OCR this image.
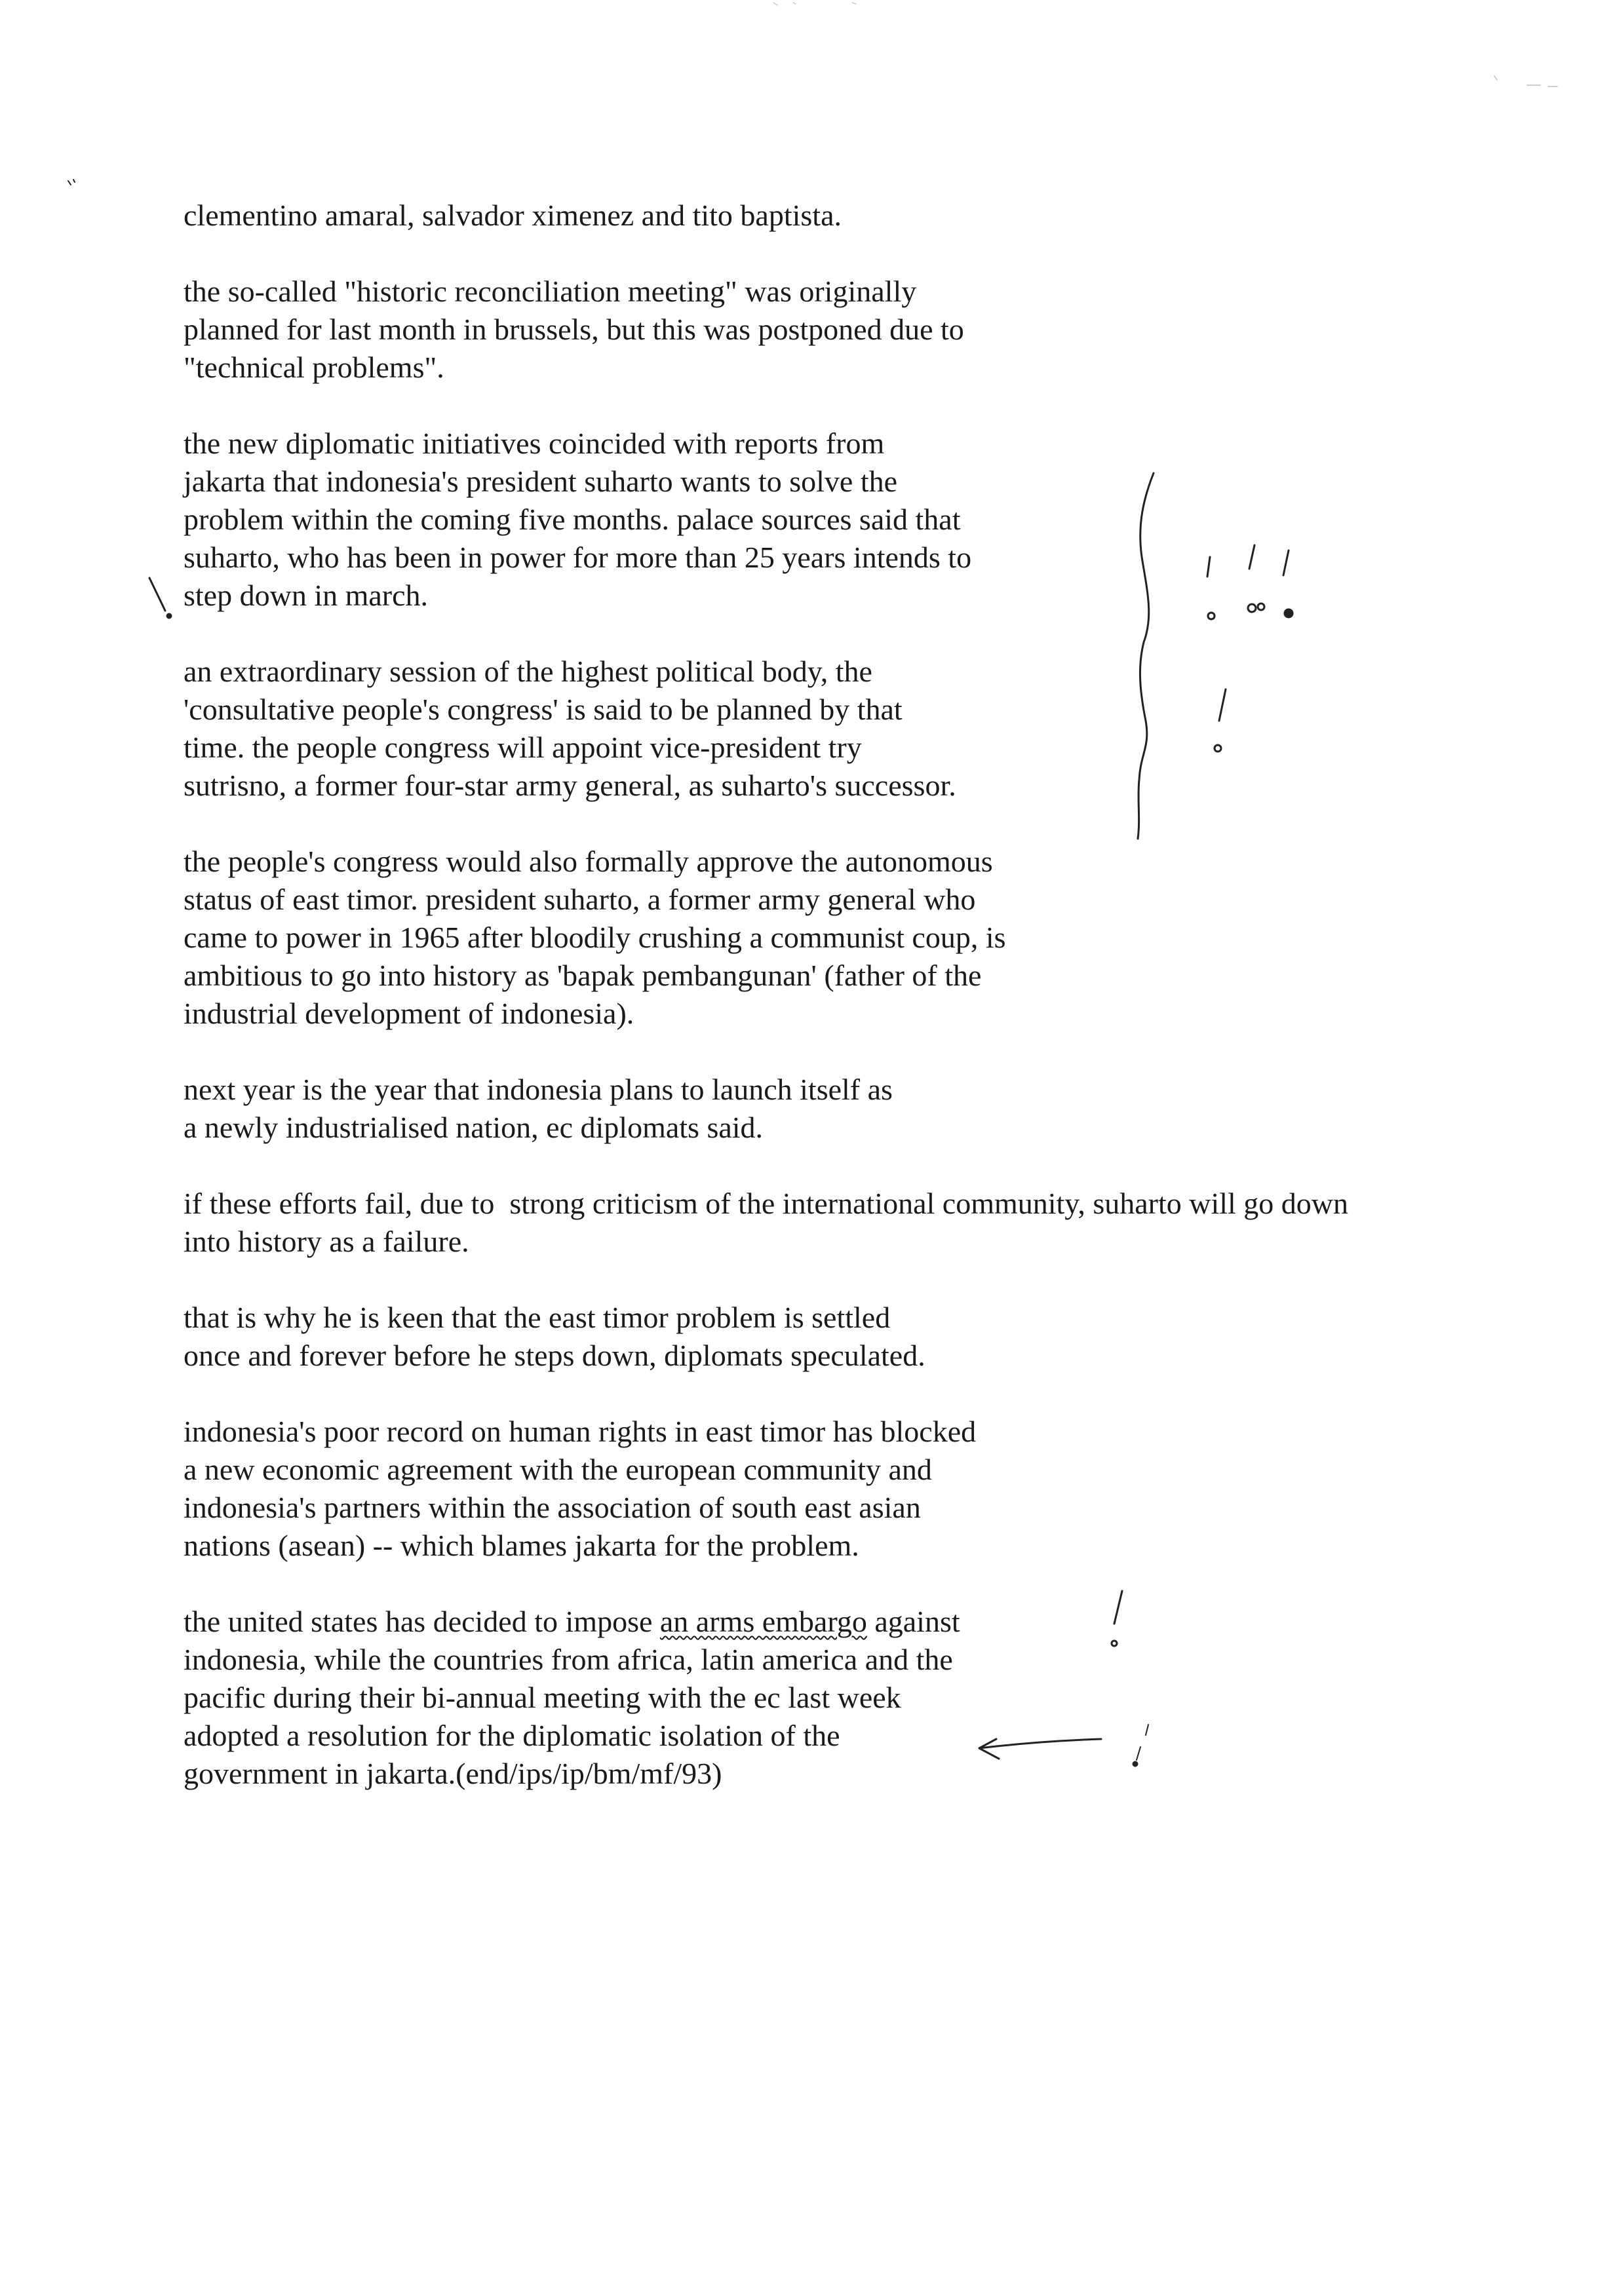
clementino amaral, salvador ximenez and tito baptista.

the so-called "historic reconciliation meeting" was originally
planned for last month in brussels, but this was postponed due to
"technical problems".

the new diplomatic initiatives coincided with reports from
jakarta that indonesia's president suharto wants to solve the
problem within the coming five months. palace sources said that
suharto, who has been in power for more than 25 years intends to
step down in march.

an extraordinary session of the highest political body, the
'consultative people's congress' is said to be planned by that
time. the people congress will appoint vice-president try
sutrisno, a former four-star army general, as suharto's successor.

the people's congress would also formally approve the autonomous
status of east timor. president suharto, a former army general who
came to power in 1965 after bloodily crushing a communist coup, is
ambitious to go into history as 'bapak pembangunan' (father of the
industrial development of indonesia).

next year is the year that indonesia plans to launch itself as
a newly industrialised nation, ec diplomats said.

if these efforts fail, due to  strong criticism of the international community, suharto will go down
into history as a failure.

that is why he is keen that the east timor problem is settled
once and forever before he steps down, diplomats speculated.

indonesia's poor record on human rights in east timor has blocked
a new economic agreement with the european community and
indonesia's partners within the association of south east asian
nations (asean) -- which blames jakarta for the problem.

the united states has decided to impose an arms embargo against
indonesia, while the countries from africa, latin america and the
pacific during their bi-annual meeting with the ec last week
adopted a resolution for the diplomatic isolation of the
government in jakarta.(end/ips/ip/bm/mf/93)
